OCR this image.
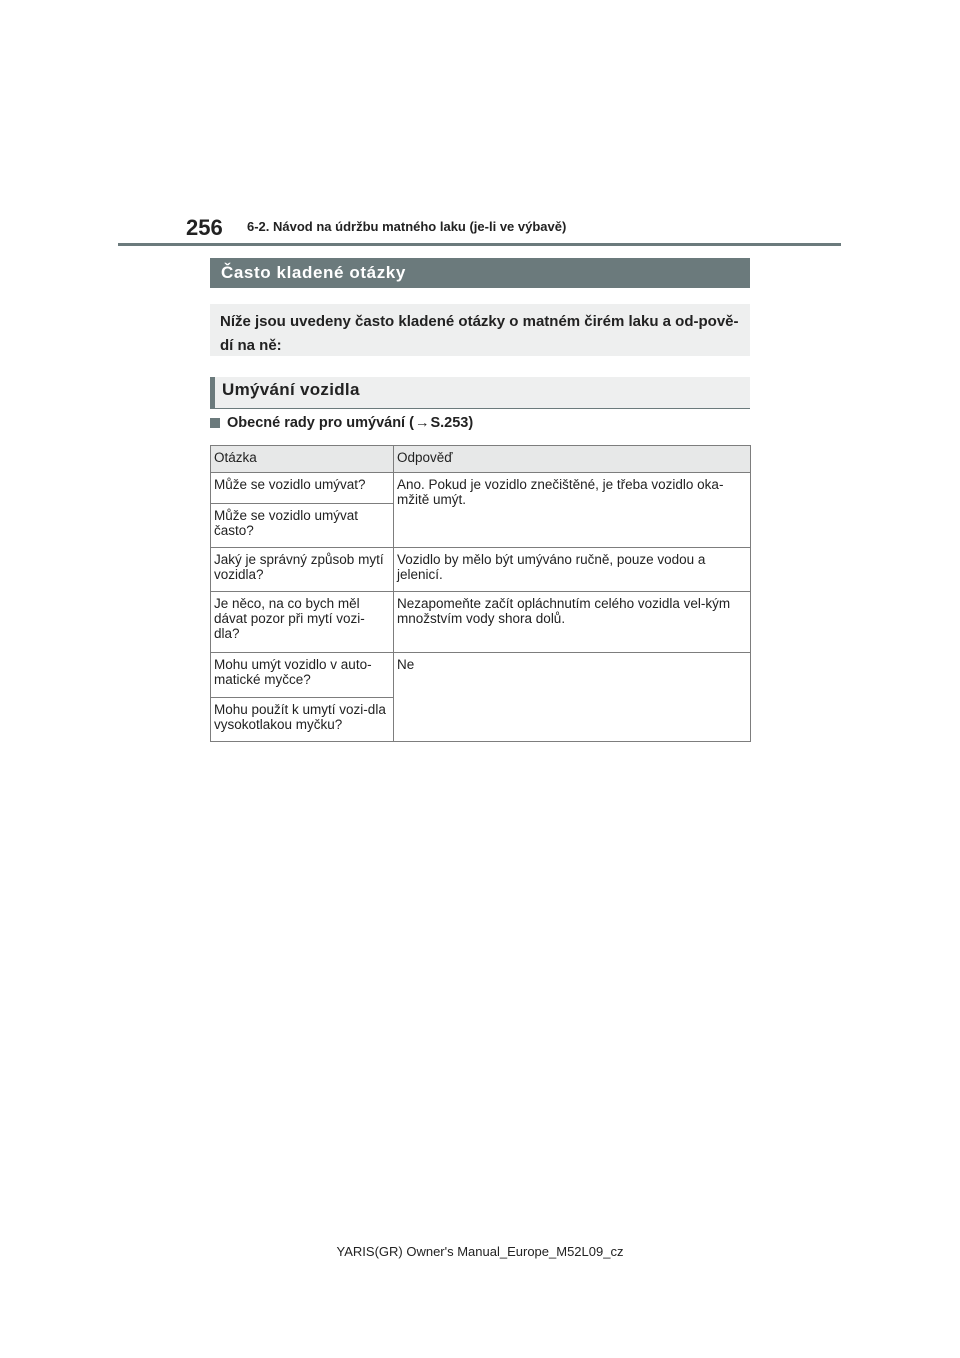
256 6-2. Návod na údržbu matného laku (je-li ve výbavě)
Často kladené otázky
Níže jsou uvedeny často kladené otázky o matném čirém laku a od-povědí na ně:
Umývání vozidla
Obecné rady pro umývání ( → S.253)
Otázka	Odpověď
Může se vozidlo umývat?	Ano. Pokud je vozidlo znečištěné, je třeba vozidlo oka-mžitě umýt.
Může se vozidlo umývat často?	
Jaký je správný způsob mytí vozidla?	Vozidlo by mělo být umýváno ručně, pouze vodou a jelenicí.
Je něco, na co bych měl dávat pozor při mytí vozi-dla?	Nezapomeňte začít opláchnutím celého vozidla vel-kým množstvím vody shora dolů.
Mohu umýt vozidlo v auto-matické myčce?	Ne
Mohu použít k umytí vozi-dla vysokotlakou myčku?	
YARIS(GR) Owner's Manual_Europe_M52L09_cz
